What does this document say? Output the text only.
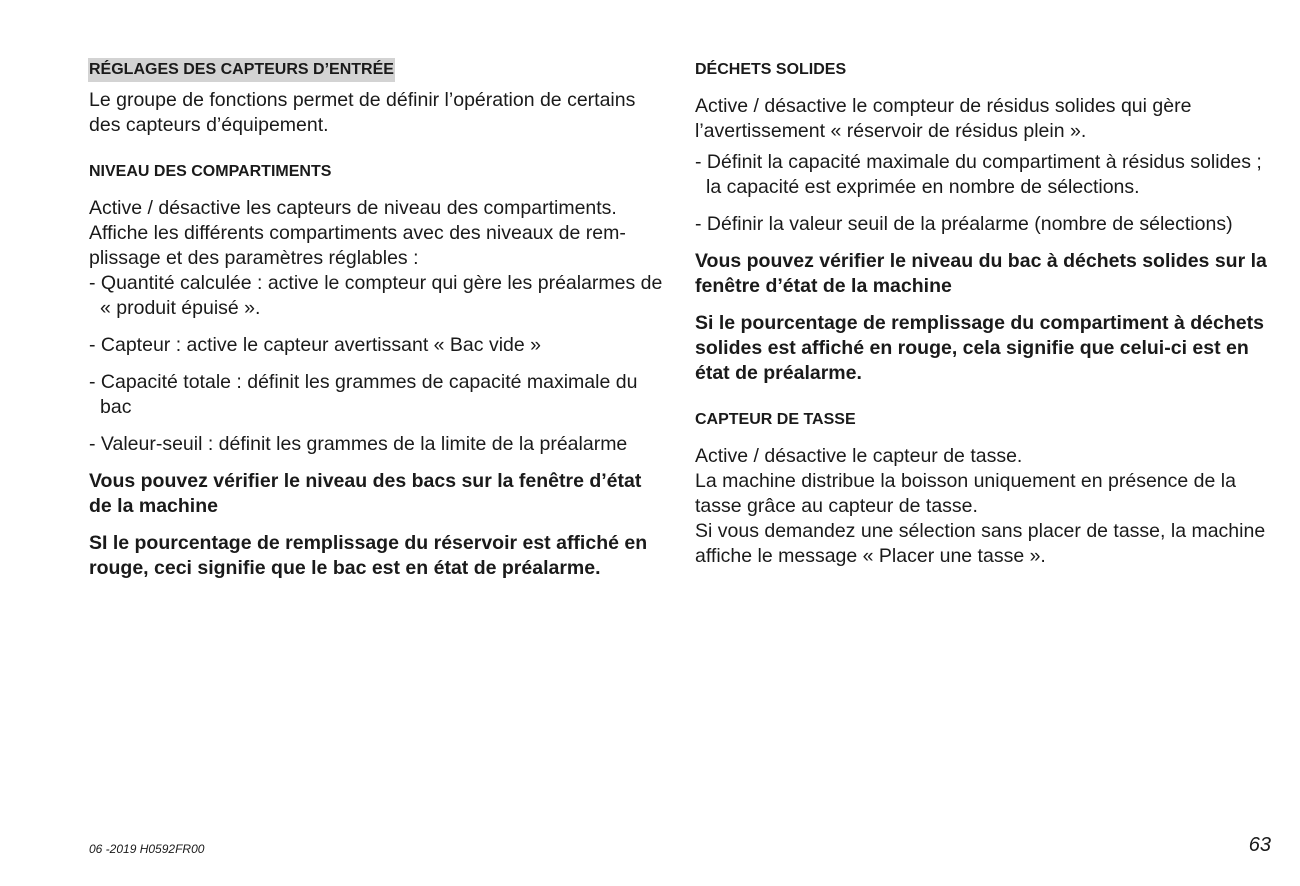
RÉGLAGES DES CAPTEURS D’ENTRÉE

Le groupe de fonctions permet de définir l’opération de certains des capteurs d’équipement.

NIVEAU DES COMPARTIMENTS

Active / désactive les capteurs de niveau des compartiments. Affiche les différents compartiments avec des niveaux de remplissage et des paramètres réglables :

- Quantité calculée : active le compteur qui gère les préalarmes de « produit épuisé ».

- Capteur : active le capteur avertissant « Bac vide »

- Capacité totale : définit les grammes de capacité maximale du bac

- Valeur-seuil : définit les grammes de la limite de la préalarme

Vous pouvez vérifier le niveau des bacs sur la fenêtre d’état de la machine

SI le pourcentage de remplissage du réservoir est affiché en rouge, ceci signifie que le bac est en état de préalarme.

DÉCHETS SOLIDES

Active / désactive le compteur de résidus solides qui gère l’avertissement « réservoir de résidus plein ».

- Définit la capacité maximale du compartiment à résidus solides ; la capacité est exprimée en nombre de sélections.

- Définir la valeur seuil de la préalarme (nombre de sélections)

Vous pouvez vérifier le niveau du bac à déchets solides sur la fenêtre d’état de la machine

Si le pourcentage de remplissage du compartiment à déchets solides est affiché en rouge, cela signifie que celui-ci est en état de préalarme.

CAPTEUR DE TASSE

Active / désactive le capteur de tasse.

La machine distribue la boisson uniquement en présence de la tasse grâce au capteur de tasse.

Si vous demandez une sélection sans placer de tasse, la machine affiche le message « Placer une tasse ».

06 -2019 H0592FR00	63
